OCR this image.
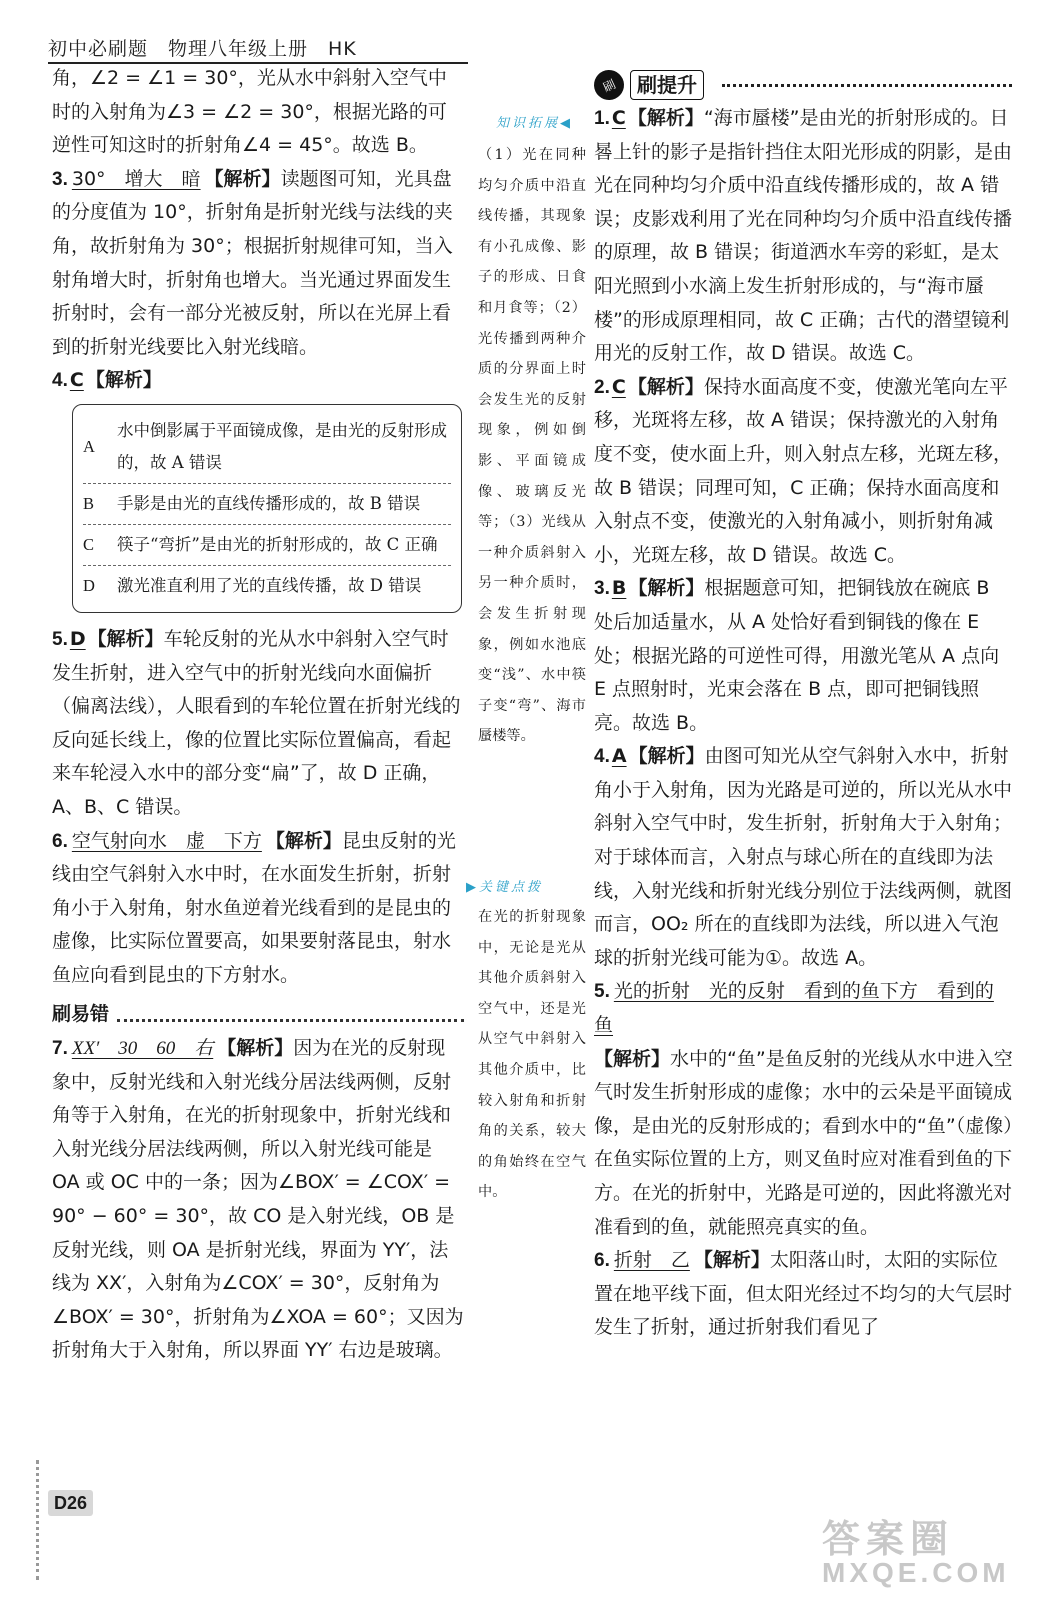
初中必刷题　物理八年级上册　HK

角，∠2 = ∠1 = 30°，光从水中斜射入空气中时的入射角为∠3 = ∠2 = 30°，根据光路的可逆性可知这时的折射角∠4 = 45°。故选 B。

3. 30°　增大　暗 【解析】读题图可知，光具盘的分度值为 10°，折射角是折射光线与法线的夹角，故折射角为 30°；根据折射规律可知，当入射角增大时，折射角也增大。当光通过界面发生折射时，会有一部分光被反射，所以在光屏上看到的折射光线要比入射光线暗。

4. C 【解析】

A
水中倒影属于平面镜成像，是由光的反射形成的，故 A 错误
B	手影是由光的直线传播形成的，故 B 错误
C	筷子“弯折”是由光的折射形成的，故 C 正确
D	激光准直利用了光的直线传播，故 D 错误

5. D 【解析】车轮反射的光从水中斜射入空气时发生折射，进入空气中的折射光线向水面偏折（偏离法线），人眼看到的车轮位置在折射光线的反向延长线上，像的位置比实际位置偏高，看起来车轮浸入水中的部分变“扁”了，故 D 正确，A、B、C 错误。

6. 空气射向水　虚　下方 【解析】昆虫反射的光线由空气斜射入水中时，在水面发生折射，折射角小于入射角，射水鱼逆着光线看到的是昆虫的虚像，比实际位置要高，如果要射落昆虫，射水鱼应向看到昆虫的下方射水。

刷易错

7. XX′　30　60　右 【解析】因为在光的反射现象中，反射光线和入射光线分居法线两侧，反射角等于入射角，在光的折射现象中，折射光线和入射光线分居法线两侧，所以入射光线可能是 OA 或 OC 中的一条；因为∠BOX′ = ∠COX′ = 90° − 60° = 30°，故 CO 是入射光线，OB 是反射光线，则 OA 是折射光线，界面为 YY′，法线为 XX′，入射角为∠COX′ = 30°，反射角为∠BOX′ = 30°，折射角为∠XOA = 60°；又因为折射角大于入射角，所以界面 YY′ 右边是玻璃。

知识拓展◀
（1）光在同种均匀介质中沿直线传播，其现象有小孔成像、影子的形成、日食和月食等；（2）光传播到两种介质的分界面上时会发生光的反射现象，例如倒影、平面镜成像、玻璃反光等；（3）光线从一种介质斜射入另一种介质时，会发生折射现象，例如水池底变“浅”、水中筷子变“弯”、海市蜃楼等。
▶关键点拨
在光的折射现象中，无论是光从其他介质斜射入空气中，还是光从空气中斜射入其他介质中，比较入射角和折射角的关系，较大的角始终在空气中。
刷 刷提升

1. C 【解析】“海市蜃楼”是由光的折射形成的。日晷上针的影子是指针挡住太阳光形成的阴影，是由光在同种均匀介质中沿直线传播形成的，故 A 错误；皮影戏利用了光在同种均匀介质中沿直线传播的原理，故 B 错误；街道洒水车旁的彩虹，是太阳光照到小水滴上发生折射形成的，与“海市蜃楼”的形成原理相同，故 C 正确；古代的潜望镜利用光的反射工作，故 D 错误。故选 C。

2. C 【解析】保持水面高度不变，使激光笔向左平移，光斑将左移，故 A 错误；保持激光的入射角度不变，使水面上升，则入射点左移，光斑左移，故 B 错误；同理可知，C 正确；保持水面高度和入射点不变，使激光的入射角减小，则折射角减小，光斑左移，故 D 错误。故选 C。

3. B 【解析】根据题意可知，把铜钱放在碗底 B 处后加适量水，从 A 处恰好看到铜钱的像在 E 处；根据光路的可逆性可得，用激光笔从 A 点向 E 点照射时，光束会落在 B 点，即可把铜钱照亮。故选 B。

4. A 【解析】由图可知光从空气斜射入水中，折射角小于入射角，因为光路是可逆的，所以光从水中斜射入空气中时，发生折射，折射角大于入射角；对于球体而言，入射点与球心所在的直线即为法线，入射光线和折射光线分别位于法线两侧，就图而言，OO₂ 所在的直线即为法线，所以进入气泡球的折射光线可能为①。故选 A。

5. 光的折射　光的反射　看到的鱼下方　看到的鱼

【解析】水中的“鱼”是鱼反射的光线从水中进入空气时发生折射形成的虚像；水中的云朵是平面镜成像，是由光的反射形成的；看到水中的“鱼”（虚像）在鱼实际位置的上方，则叉鱼时应对准看到鱼的下方。在光的折射中，光路是可逆的，因此将激光对准看到的鱼，就能照亮真实的鱼。

6. 折射　乙 【解析】太阳落山时，太阳的实际位置在地平线下面，但太阳光经过不均匀的大气层时发生了折射，通过折射我们看见了

D26
答案圈
MXQE.COM
